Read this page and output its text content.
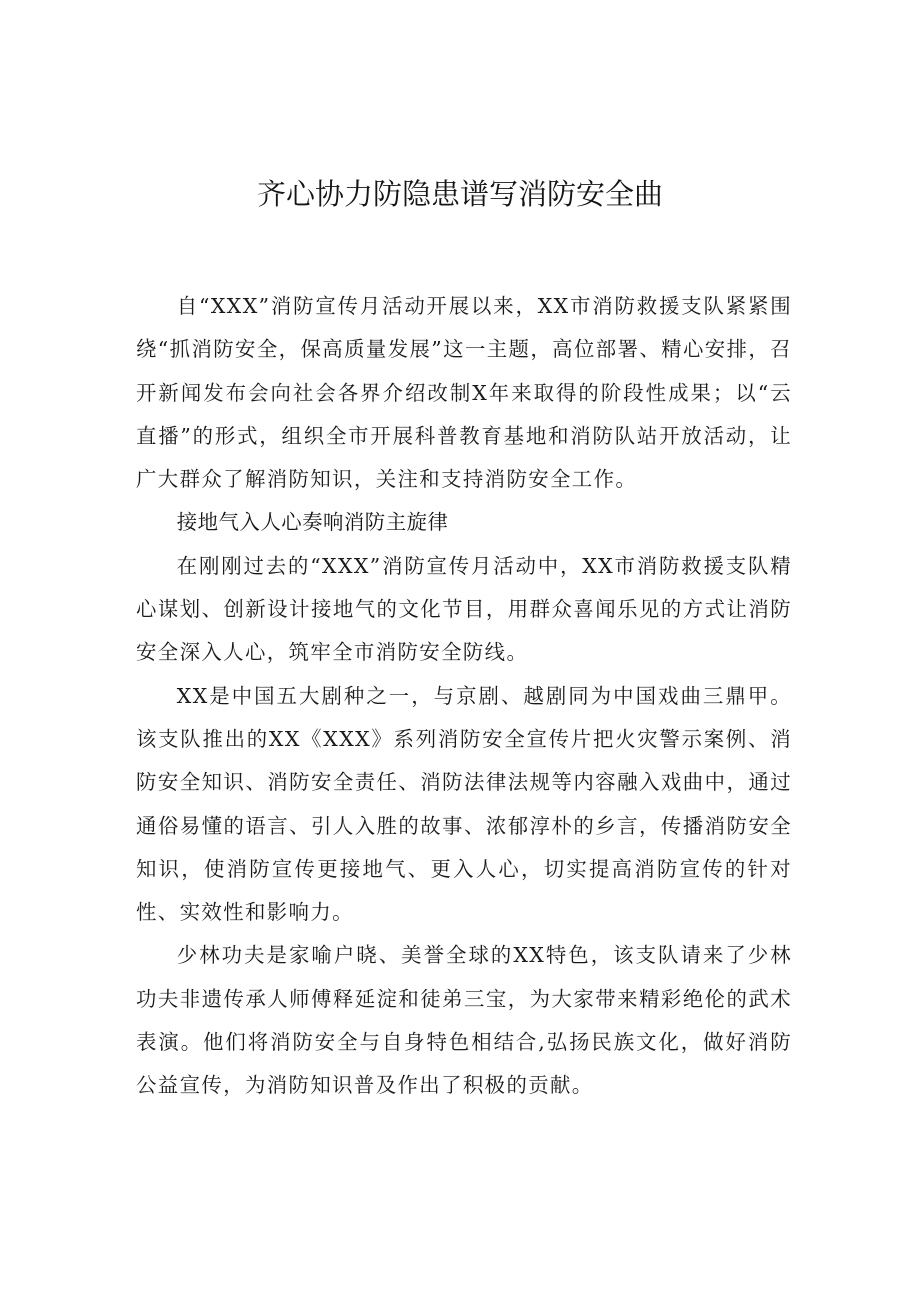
齐心协力防隐患谱写消防安全曲

自“XXX”消防宣传月活动开展以来，XX市消防救援支队紧紧围绕“抓消防安全，保高质量发展”这一主题，高位部署、精心安排，召开新闻发布会向社会各界介绍改制X年来取得的阶段性成果；以“云直播”的形式，组织全市开展科普教育基地和消防队站开放活动，让广大群众了解消防知识，关注和支持消防安全工作。

接地气入人心奏响消防主旋律

在刚刚过去的“XXX”消防宣传月活动中，XX市消防救援支队精心谋划、创新设计接地气的文化节目，用群众喜闻乐见的方式让消防安全深入人心，筑牢全市消防安全防线。

XX是中国五大剧种之一，与京剧、越剧同为中国戏曲三鼎甲。该支队推出的XX《XXX》系列消防安全宣传片把火灾警示案例、消防安全知识、消防安全责任、消防法律法规等内容融入戏曲中，通过通俗易懂的语言、引人入胜的故事、浓郁淳朴的乡言，传播消防安全知识，使消防宣传更接地气、更入人心，切实提高消防宣传的针对性、实效性和影响力。

少林功夫是家喻户晓、美誉全球的XX特色，该支队请来了少林功夫非遗传承人师傅释延淀和徒弟三宝，为大家带来精彩绝伦的武术表演。他们将消防安全与自身特色相结合,弘扬民族文化，做好消防公益宣传，为消防知识普及作出了积极的贡献。
